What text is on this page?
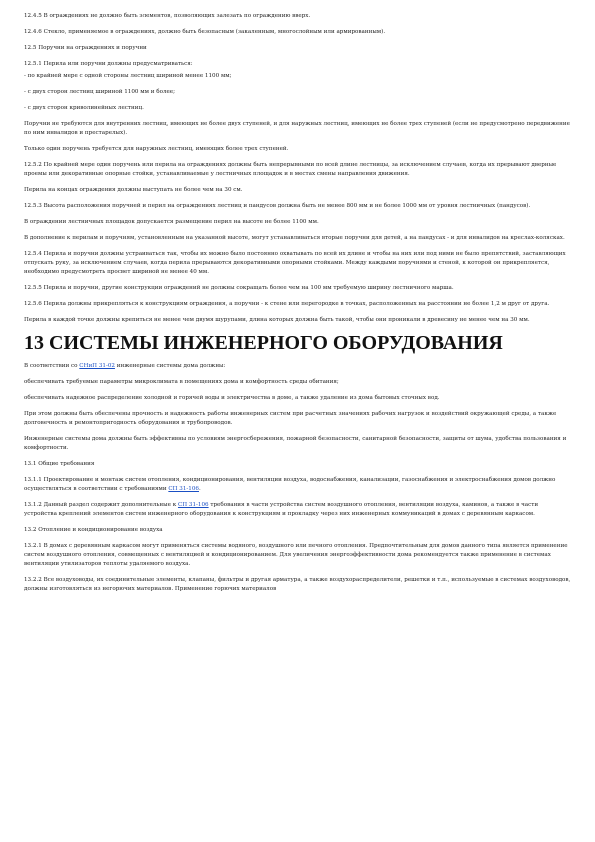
12.4.5 В ограждениях не должно быть элементов, позволяющих залезать по ограждению вверх.
12.4.6 Стекло, применяемое в ограждениях, должно быть безопасным (закаленным, многослойным или армированным).
12.5 Поручни на ограждениях и поручни
12.5.1 Перила или поручни должны предусматриваться:
- по крайней мере с одной стороны лестниц шириной менее 1100 мм;
- с двух сторон лестниц шириной 1100 мм и более;
- с двух сторон криволинейных лестниц.
Поручни не требуются для внутренних лестниц, имеющих не более двух ступеней, и для наружных лестниц, имеющих не более трех ступеней (если не предусмотрено передвижение по ним инвалидов и престарелых).
Только один поручень требуется для наружных лестниц, имеющих более трех ступеней.
12.5.2 По крайней мере один поручень или перила на ограждениях должны быть непрерывными по всей длине лестницы, за исключением случаев, когда их прерывают дверные проемы или декоративные опорные стойки, устанавливаемые у лестничных площадок и в местах смены направления движения.
Перила на концах ограждения должны выступать не более чем на 30 см.
12.5.3 Высота расположения поручней и перил на ограждениях лестниц и пандусов должна быть не менее 800 мм и не более 1000 мм от уровня лестничных (пандусов).
В ограждении лестничных площадок допускается размещение перил на высоте не более 1100 мм.
В дополнение к перилам и поручням, установленным на указанной высоте, могут устанавливаться вторые поручни для детей, а на пандусах - и для инвалидов на креслах-колясках.
12.5.4 Перила и поручни должны устраиваться так, чтобы их можно было постоянно охватывать по всей их длине и чтобы на них или под ними не было препятствий, заставляющих отпускать руку, за исключением случаев, когда перила прерываются декоративными опорными стойками. Между каждыми поручнями и стеной, к которой он прикрепляется, необходимо предусмотреть просвет шириной не менее 40 мм.
12.5.5 Перила и поручни, другие конструкции ограждений не должны сокращать более чем на 100 мм требуемую ширину лестничного марша.
12.5.6 Перила должны прикрепляться к конструкциям ограждения, а поручни - к стене или перегородке в точках, расположенных на расстоянии не более 1,2 м друг от друга.
Перила в каждой точке должны крепиться не менее чем двумя шурупами, длина которых должна быть такой, чтобы они проникали в древесину не менее чем на 30 мм.
13 СИСТЕМЫ ИНЖЕНЕРНОГО ОБОРУДОВАНИЯ
В соответствии со СНиП 31-02 инженерные системы дома должны:
обеспечивать требуемые параметры микроклимата в помещениях дома и комфортность среды обитания;
обеспечивать надежное распределение холодной и горячей воды и электричества в доме, а также удаление из дома бытовых сточных вод.
При этом должны быть обеспечены прочность и надежность работы инженерных систем при расчетных значениях рабочих нагрузок и воздействий окружающей среды, а также долговечность и ремонтопригодность оборудования и трубопроводов.
Инженерные системы дома должны быть эффективны по условиям энергосбережения, пожарной безопасности, санитарной безопасности, защиты от шума, удобства пользования и комфортности.
13.1 Общие требования
13.1.1 Проектирование и монтаж систем отопления, кондиционирования, вентиляции воздуха, водоснабжения, канализации, газоснабжения и электроснабжения домов должно осуществляться в соответствии с требованиями СП 31-106.
13.1.2 Данный раздел содержит дополнительные к СП 31-106 требования в части устройства систем воздушного отопления, вентиляции воздуха, каминов, а также в части устройства креплений элементов систем инженерного оборудования к конструкциям и прокладку через них инженерных коммуникаций в домах с деревянным каркасом.
13.2 Отопление и кондиционирование воздуха
13.2.1 В домах с деревянным каркасом могут применяться системы водяного, воздушного или печного отопления. Предпочтительным для домов данного типа является применение систем воздушного отопления, совмещенных с вентиляцией и кондиционированием. Для увеличения энергоэффективности дома рекомендуется также применение в системах вентиляции утилизаторов теплоты удаляемого воздуха.
13.2.2 Все воздуховоды, их соединительные элементы, клапаны, фильтры и другая арматура, а также воздухораспределители, решетки и т.п., используемые в системах воздуховодов, должны изготовляться из негорючих материалов. Применение горючих материалов
